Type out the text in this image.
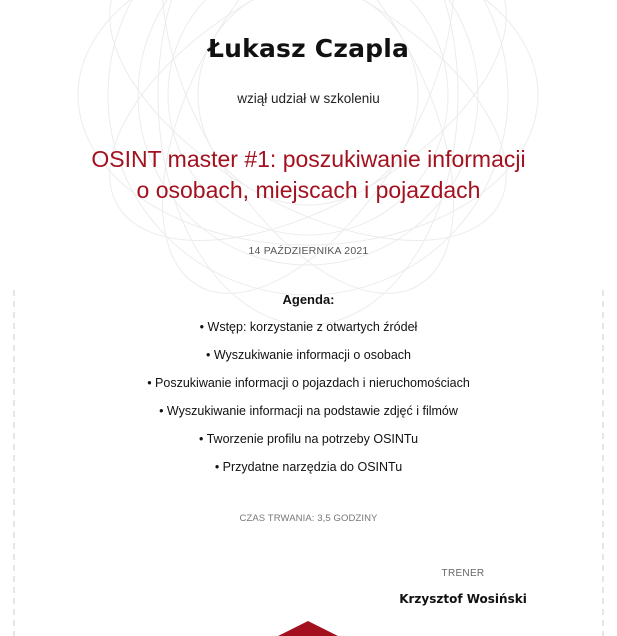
Łukasz Czapla
wziął udział w szkoleniu
OSINT master #1: poszukiwanie informacji
o osobach, miejscach i pojazdach
14 PAŹDZIERNIKA 2021
Agenda:
• Wstęp: korzystanie z otwartych źródeł
• Wyszukiwanie informacji o osobach
• Poszukiwanie informacji o pojazdach i nieruchomościach
• Wyszukiwanie informacji na podstawie zdjęć i filmów
• Tworzenie profilu na potrzeby OSINTu
• Przydatne narzędzia do OSINTu
CZAS TRWANIA: 3,5 GODZINY
TRENER
Krzysztof Wosiński
